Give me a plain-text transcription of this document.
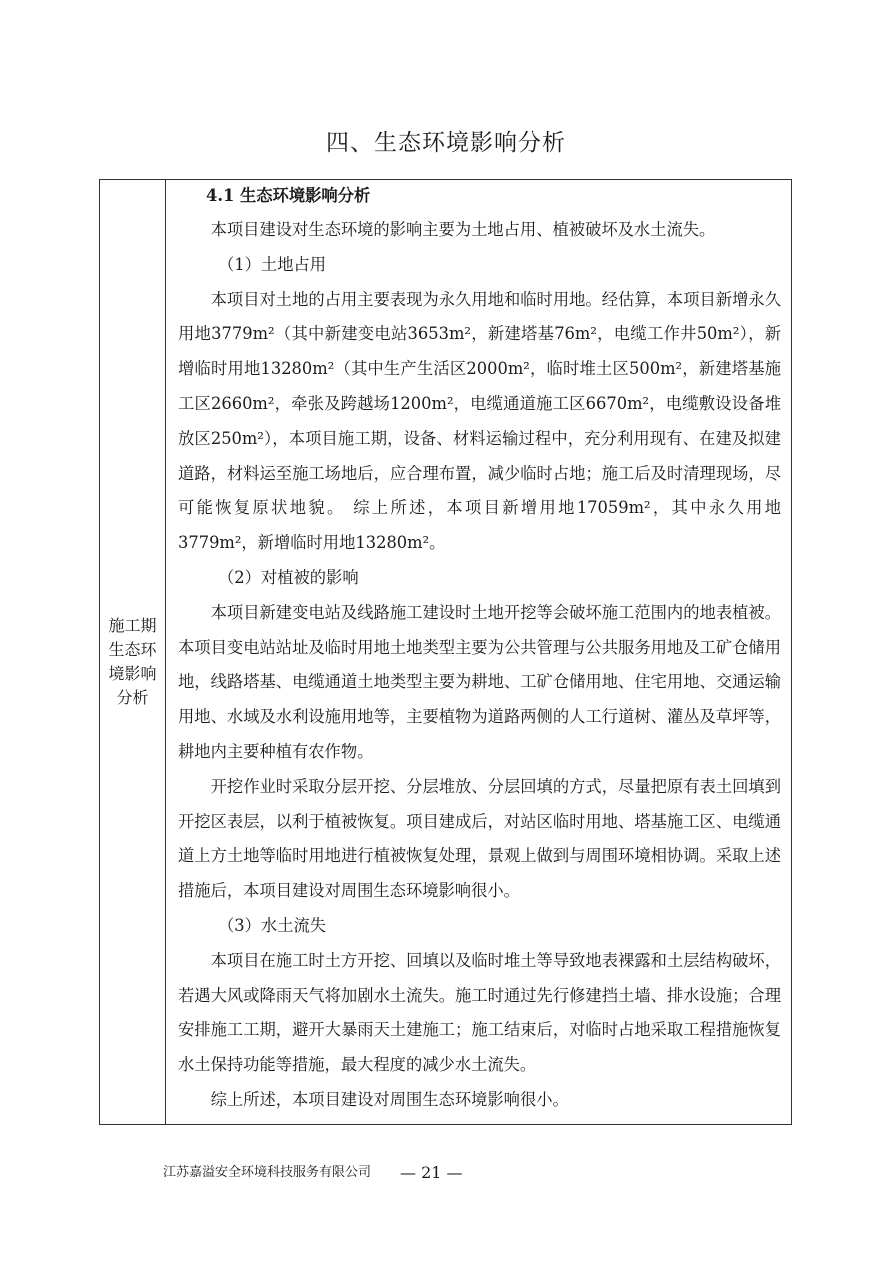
四、生态环境影响分析
施工期生态环境影响分析

4.1 生态环境影响分析

本项目建设对生态环境的影响主要为土地占用、植被破坏及水土流失。

（1）土地占用

本项目对土地的占用主要表现为永久用地和临时用地。经估算，本项目新增永久用地3779m²（其中新建变电站3653m²，新建塔基76m²，电缆工作井50m²），新增临时用地13280m²（其中生产生活区2000m²，临时堆土区500m²，新建塔基施工区2660m²，牵张及跨越场1200m²，电缆通道施工区6670m²，电缆敷设设备堆放区250m²），本项目施工期，设备、材料运输过程中，充分利用现有、在建及拟建道路，材料运至施工场地后，应合理布置，减少临时占地；施工后及时清理现场，尽可能恢复原状地貌。 综上所述，本项目新增用地17059m²，其中永久用地3779m²，新增临时用地13280m²。

（2）对植被的影响

本项目新建变电站及线路施工建设时土地开挖等会破坏施工范围内的地表植被。本项目变电站站址及临时用地土地类型主要为公共管理与公共服务用地及工矿仓储用地，线路塔基、电缆通道土地类型主要为耕地、工矿仓储用地、住宅用地、交通运输用地、水域及水利设施用地等，主要植物为道路两侧的人工行道树、灌丛及草坪等，耕地内主要种植有农作物。

开挖作业时采取分层开挖、分层堆放、分层回填的方式，尽量把原有表土回填到开挖区表层，以利于植被恢复。项目建成后，对站区临时用地、塔基施工区、电缆通道上方土地等临时用地进行植被恢复处理，景观上做到与周围环境相协调。采取上述措施后，本项目建设对周围生态环境影响很小。

（3）水土流失

本项目在施工时土方开挖、回填以及临时堆土等导致地表裸露和土层结构破坏，若遇大风或降雨天气将加剧水土流失。施工时通过先行修建挡土墙、排水设施；合理安排施工工期，避开大暴雨天土建施工；施工结束后，对临时占地采取工程措施恢复水土保持功能等措施，最大程度的减少水土流失。

综上所述，本项目建设对周围生态环境影响很小。

江苏嘉溢安全环境科技服务有限公司 — 21 —
